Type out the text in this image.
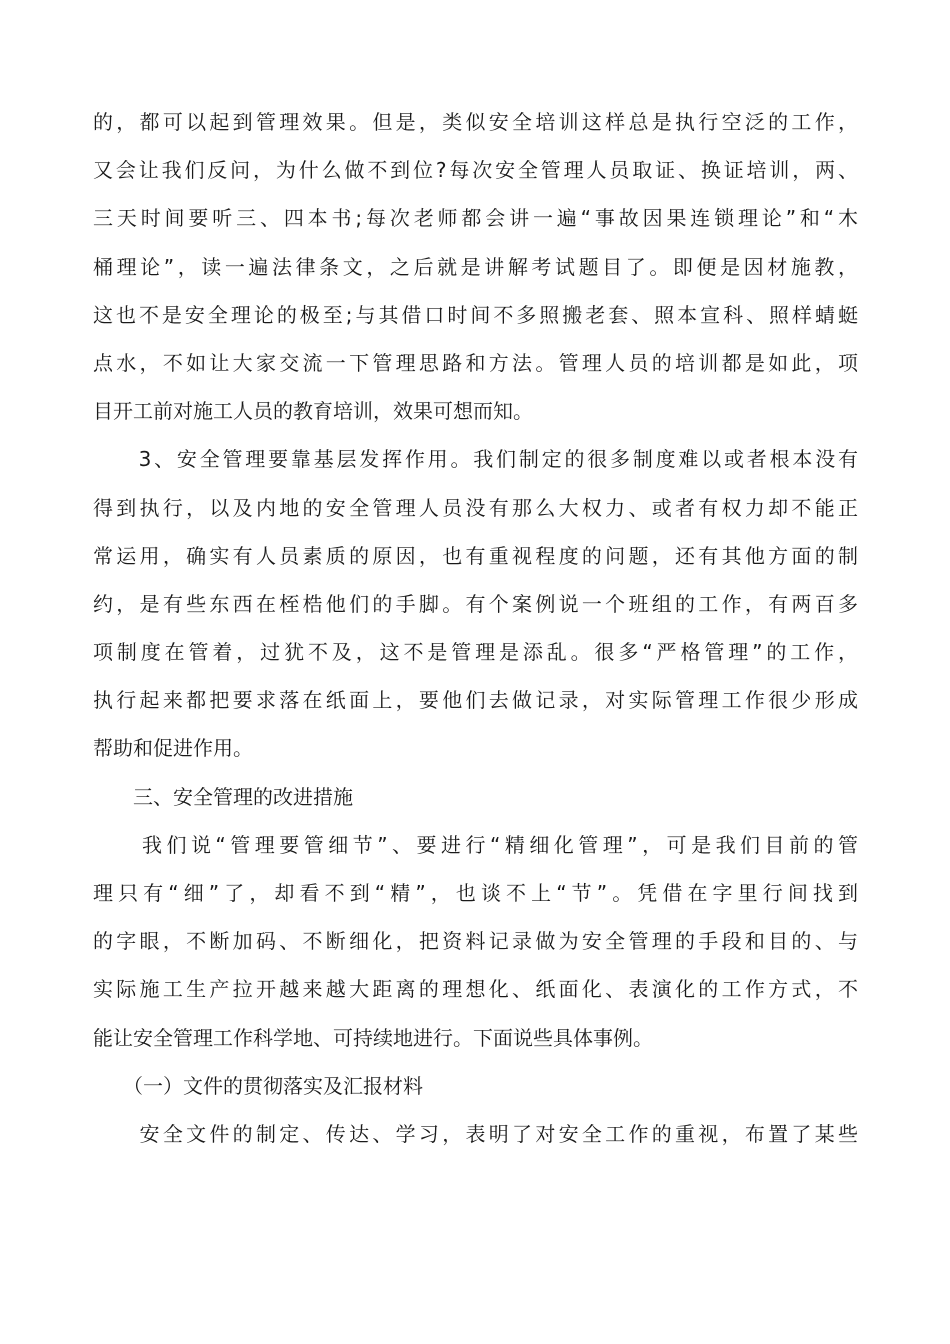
的，都可以起到管理效果。但是，类似安全培训这样总是执行空泛的工作，
又会让我们反问，为什么做不到位?每次安全管理人员取证、换证培训，两、
三天时间要听三、四本书;每次老师都会讲一遍“事故因果连锁理论”和“木
桶理论”，读一遍法律条文，之后就是讲解考试题目了。即便是因材施教，
这也不是安全理论的极至;与其借口时间不多照搬老套、照本宣科、照样蜻蜓
点水，不如让大家交流一下管理思路和方法。管理人员的培训都是如此，项
目开工前对施工人员的教育培训，效果可想而知。
　　3、安全管理要靠基层发挥作用。我们制定的很多制度难以或者根本没有
得到执行，以及内地的安全管理人员没有那么大权力、或者有权力却不能正
常运用，确实有人员素质的原因，也有重视程度的问题，还有其他方面的制
约，是有些东西在桎梏他们的手脚。有个案例说一个班组的工作，有两百多
项制度在管着，过犹不及，这不是管理是添乱。很多“严格管理”的工作，
执行起来都把要求落在纸面上，要他们去做记录，对实际管理工作很少形成
帮助和促进作用。
　　三、安全管理的改进措施
　　我们说“管理要管细节”、要进行“精细化管理”，可是我们目前的管
理只有“细”了，却看不到“精”，也谈不上“节”。凭借在字里行间找到
的字眼，不断加码、不断细化，把资料记录做为安全管理的手段和目的、与
实际施工生产拉开越来越大距离的理想化、纸面化、表演化的工作方式，不
能让安全管理工作科学地、可持续地进行。下面说些具体事例。
　　（一）文件的贯彻落实及汇报材料
　　安全文件的制定、传达、学习，表明了对安全工作的重视，布置了某些
